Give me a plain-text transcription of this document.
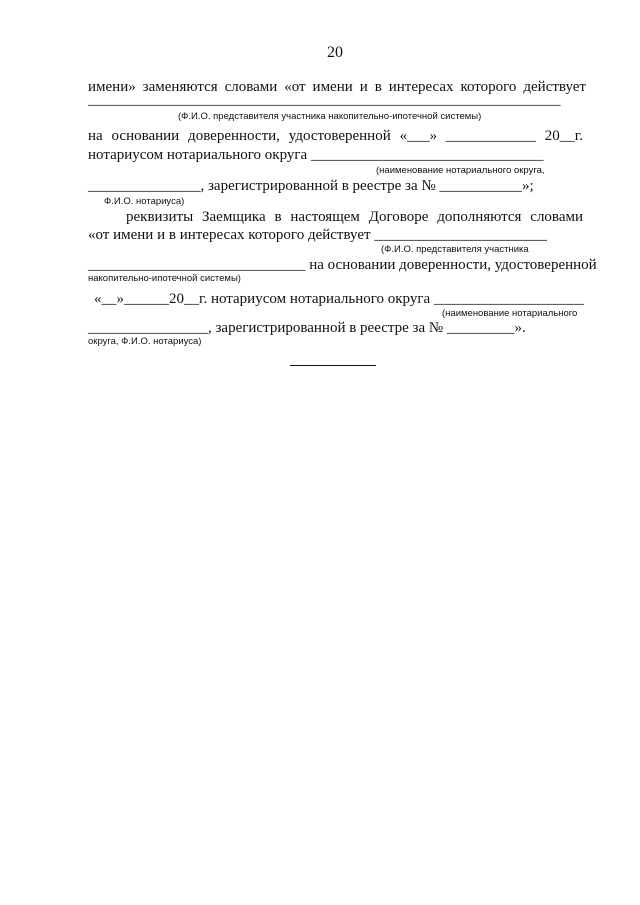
20
имени» заменяются словами «от имени и в интересах которого действует
_______________________________________________________________
(Ф.И.О. представителя участника накопительно-ипотечной системы)
на основании доверенности, удостоверенной «___» ____________ 20__г.
нотариусом нотариального округа _______________________________
(наименование нотариального округа,
_______________, зарегистрированной в реестре за № ___________»;
Ф.И.О. нотариуса)
реквизиты Заемщика в настоящем Договоре дополняются словами
«от имени и в интересах которого действует _______________________
(Ф.И.О. представителя участника
_____________________________ на основании доверенности, удостоверенной
накопительно-ипотечной системы)
«__»______20__г. нотариусом нотариального округа ____________________
(наименование нотариального
________________, зарегистрированной в реестре за № _________».
округа, Ф.И.О. нотариуса)
